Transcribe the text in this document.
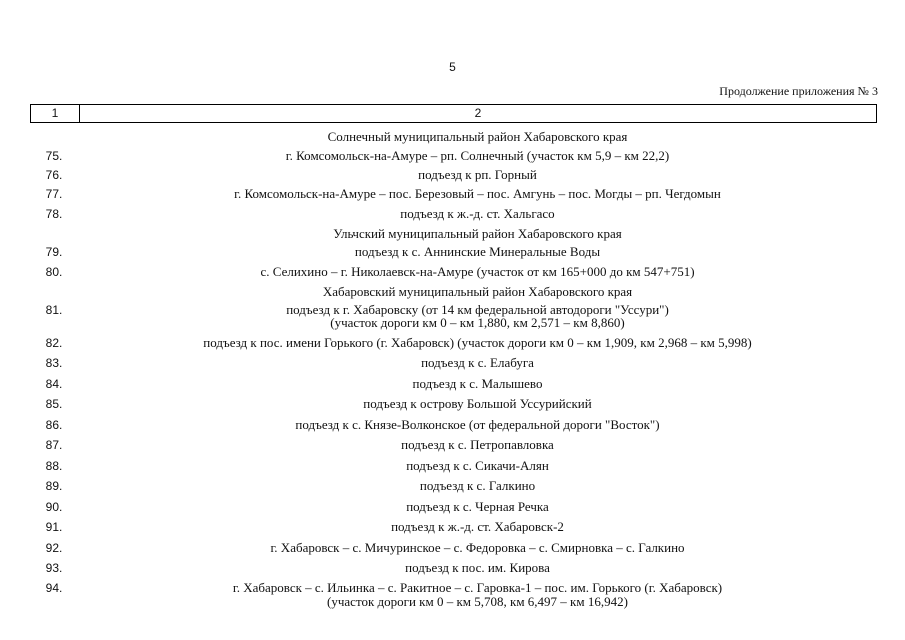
5
Продолжение приложения № 3
1	2
Солнечный муниципальный район Хабаровского края
75.	г. Комсомольск-на-Амуре – рп. Солнечный (участок км 5,9 – км 22,2)
76.	подъезд к рп. Горный
77.	г. Комсомольск-на-Амуре – пос. Березовый – пос. Амгунь – пос. Могды – рп. Чегдомын
78.	подъезд к ж.-д. ст. Хальгасо
Ульчский муниципальный район Хабаровского края
79.	подъезд к с. Аннинские Минеральные Воды
80.	с. Селихино – г. Николаевск-на-Амуре (участок от км 165+000 до км 547+751)
Хабаровский муниципальный район Хабаровского края
81.	подъезд к г. Хабаровску (от 14 км федеральной автодороги "Уссури")
(участок дороги км 0 – км 1,880, км 2,571 – км 8,860)
82.	подъезд к пос. имени Горького (г. Хабаровск) (участок дороги км 0 – км 1,909, км 2,968 – км 5,998)
83.	подъезд к с. Елабуга
84.	подъезд к с. Малышево
85.	подъезд к острову Большой Уссурийский
86.	подъезд к с. Князе-Волконское (от федеральной дороги "Восток")
87.	подъезд к с. Петропавловка
88.	подъезд к с. Сикачи-Алян
89.	подъезд к с. Галкино
90.	подъезд к с. Черная Речка
91.	подъезд к ж.-д. ст. Хабаровск-2
92.	г. Хабаровск – с. Мичуринское – с. Федоровка – с. Смирновка – с. Галкино
93.	подъезд к пос. им. Кирова
94.	г. Хабаровск – с. Ильинка – с. Ракитное – с. Гаровка-1 – пос. им. Горького (г. Хабаровск)
(участок дороги км 0 – км 5,708, км 6,497 – км 16,942)
